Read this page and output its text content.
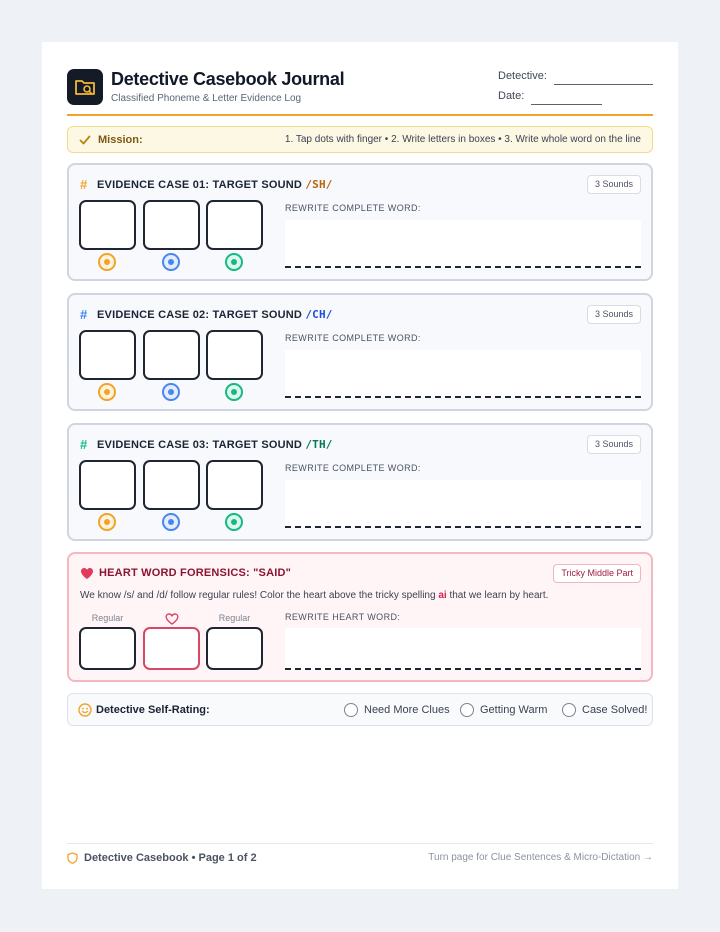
Detective Casebook Journal
Classified Phoneme & Letter Evidence Log
Detective:
Date:
Mission:	1. Tap dots with finger • 2. Write letters in boxes • 3. Write whole word on the line
# EVIDENCE CASE 01: TARGET SOUND /SH/	3 Sounds
REWRITE COMPLETE WORD:
# EVIDENCE CASE 02: TARGET SOUND /CH/	3 Sounds
REWRITE COMPLETE WORD:
# EVIDENCE CASE 03: TARGET SOUND /TH/	3 Sounds
REWRITE COMPLETE WORD:
HEART WORD FORENSICS: "SAID"	Tricky Middle Part
We know /s/ and /d/ follow regular rules! Color the heart above the tricky spelling ai that we learn by heart.
Regular	Regular	REWRITE HEART WORD:
Detective Self-Rating:	Need More Clues	Getting Warm	Case Solved!
Detective Casebook • Page 1 of 2	Turn page for Clue Sentences & Micro-Dictation →
